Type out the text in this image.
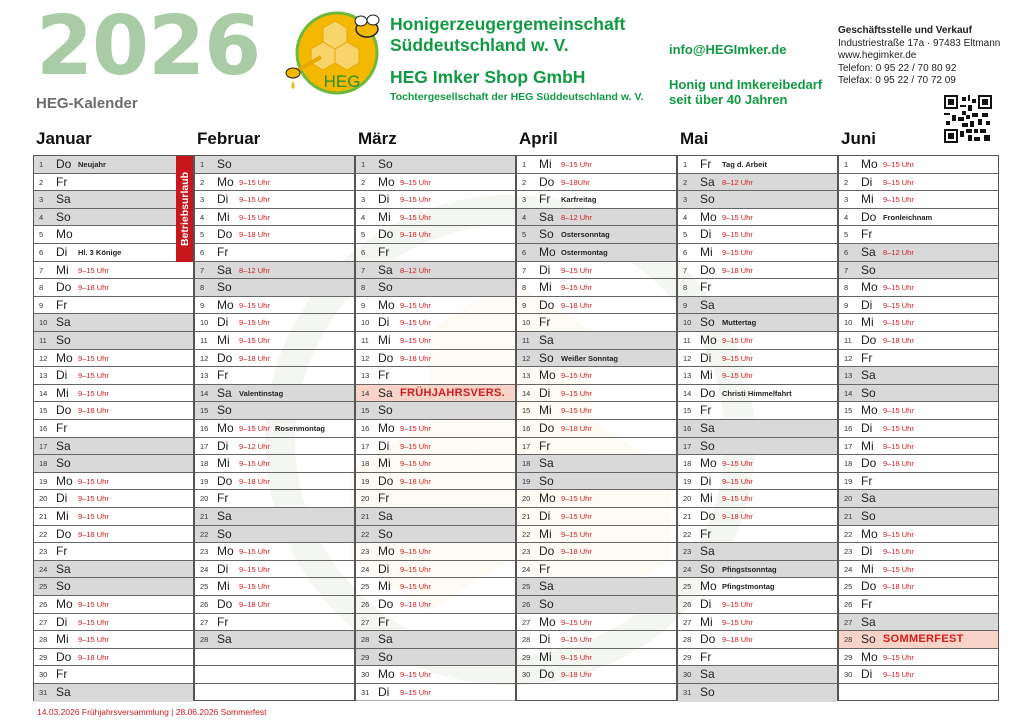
2026
HEG-Kalender
HEG
Honigerzeugergemeinschaft
Süddeutschland w. V.
HEG Imker Shop GmbH
Tochtergesellschaft der HEG Süddeutschland w. V.
info@HEGImker.de
Honig und Imkereibedarf
seit über 40 Jahren
Geschäftsstelle und Verkauf
Industriestraße 17a · 97483 Eltmann
www.hegimker.de
Telefon: 0 95 22 / 70 80 92
Telefax: 0 95 22 / 70 72 09
Januar
1	Do Neujahr
2	Fr
3	Sa
4	So
5	Mo
6	Di Hl. 3 Könige
7	Mi 9–15 Uhr
8	Do 9–18 Uhr
9	Fr
10 Sa
11 So
12 Mo 9–15 Uhr
13 Di 9–15 Uhr
14 Mi 9–15 Uhr
15 Do 9–18 Uhr
16 Fr
17 Sa
18 So
19 Mo 9–15 Uhr
20 Di 9–15 Uhr
21 Mi 9–15 Uhr
22 Do 9–18 Uhr
23 Fr
24 Sa
25 So
26 Mo 9–15 Uhr
27 Di 9–15 Uhr
28 Mi 9–15 Uhr
29 Do 9–18 Uhr
30 Fr
31 Sa
Betriebsurlaub
Februar
1	So
2	Mo 9–15 Uhr
3	Di 9–15 Uhr
4	Mi 9–15 Uhr
5	Do 9–18 Uhr
6	Fr
7	Sa 8–12 Uhr
8	So
9	Mo 9–15 Uhr
10 Di 9–15 Uhr
11 Mi 9–15 Uhr
12 Do 9–18 Uhr
13 Fr
14 Sa Valentinstag
15 So
16 Mo 9–15 Uhr Rosenmontag
17 Di 9–12 Uhr
18 Mi 9–15 Uhr
19 Do 9–18 Uhr
20 Fr
21 Sa
22 So
23 Mo 9–15 Uhr
24 Di 9–15 Uhr
25 Mi 9–15 Uhr
26 Do 9–18 Uhr
27 Fr
28 Sa
März
1	So
2	Mo 9–15 Uhr
3	Di 9–15 Uhr
4	Mi 9–15 Uhr
5	Do 9–18 Uhr
6	Fr
7	Sa 8–12 Uhr
8	So
9	Mo 9–15 Uhr
10 Di 9–15 Uhr
11 Mi 9–15 Uhr
12 Do 9–18 Uhr
13 Fr
14 Sa FRÜHJAHRSVERS.
15 So
16 Mo 9–15 Uhr
17 Di 9–15 Uhr
18 Mi 9–15 Uhr
19 Do 9–18 Uhr
20 Fr
21 Sa
22 So
23 Mo 9–15 Uhr
24 Di 9–15 Uhr
25 Mi 9–15 Uhr
26 Do 9–18 Uhr
27 Fr
28 Sa
29 So
30 Mo 9–15 Uhr
31 Di 9–15 Uhr
April
1	Mi 9–15 Uhr
2	Do 9–18Uhr
3	Fr Karfreitag
4	Sa 8–12 Uhr
5	So Ostersonntag
6	Mo Ostermontag
7	Di 9–15 Uhr
8	Mi 9–15 Uhr
9	Do 9–18 Uhr
10 Fr
11 Sa
12 So Weißer Sonntag
13 Mo 9–15 Uhr
14 Di 9–15 Uhr
15 Mi 9–15 Uhr
16 Do 9–18 Uhr
17 Fr
18 Sa
19 So
20 Mo 9–15 Uhr
21 Di 9–15 Uhr
22 Mi 9–15 Uhr
23 Do 9–18 Uhr
24 Fr
25 Sa
26 So
27 Mo 9–15 Uhr
28 Di 9–15 Uhr
29 Mi 9–15 Uhr
30 Do 9–18 Uhr
Mai
1	Fr Tag d. Arbeit
2	Sa 8–12 Uhr
3	So
4	Mo 9–15 Uhr
5	Di 9–15 Uhr
6	Mi 9–15 Uhr
7	Do 9–18 Uhr
8	Fr
9	Sa
10 So Muttertag
11 Mo 9–15 Uhr
12 Di 9–15 Uhr
13 Mi 9–15 Uhr
14 Do Christi Himmelfahrt
15 Fr
16 Sa
17 So
18 Mo 9–15 Uhr
19 Di 9–15 Uhr
20 Mi 9–15 Uhr
21 Do 9–18 Uhr
22 Fr
23 Sa
24 So Pfingstsonntag
25 Mo Pfingstmontag
26 Di 9–15 Uhr
27 Mi 9–15 Uhr
28 Do 9–18 Uhr
29 Fr
30 Sa
31 So
Juni
1	Mo 9–15 Uhr
2	Di 9–15 Uhr
3	Mi 9–15 Uhr
4	Do Fronleichnam
5	Fr
6	Sa 8–12 Uhr
7	So
8	Mo 9–15 Uhr
9	Di 9–15 Uhr
10 Mi 9–15 Uhr
11 Do 9–18 Uhr
12 Fr
13 Sa
14 So
15 Mo 9–15 Uhr
16 Di 9–15 Uhr
17 Mi 9–15 Uhr
18 Do 9–18 Uhr
19 Fr
20 Sa
21 So
22 Mo 9–15 Uhr
23 Di 9–15 Uhr
24 Mi 9–15 Uhr
25 Do 9–18 Uhr
26 Fr
27 Sa
28 So SOMMERFEST
29 Mo 9–15 Uhr
30 Di 9–15 Uhr
14.03.2026 Frühjahrsversammlung | 28.06.2026 Sommerfest
